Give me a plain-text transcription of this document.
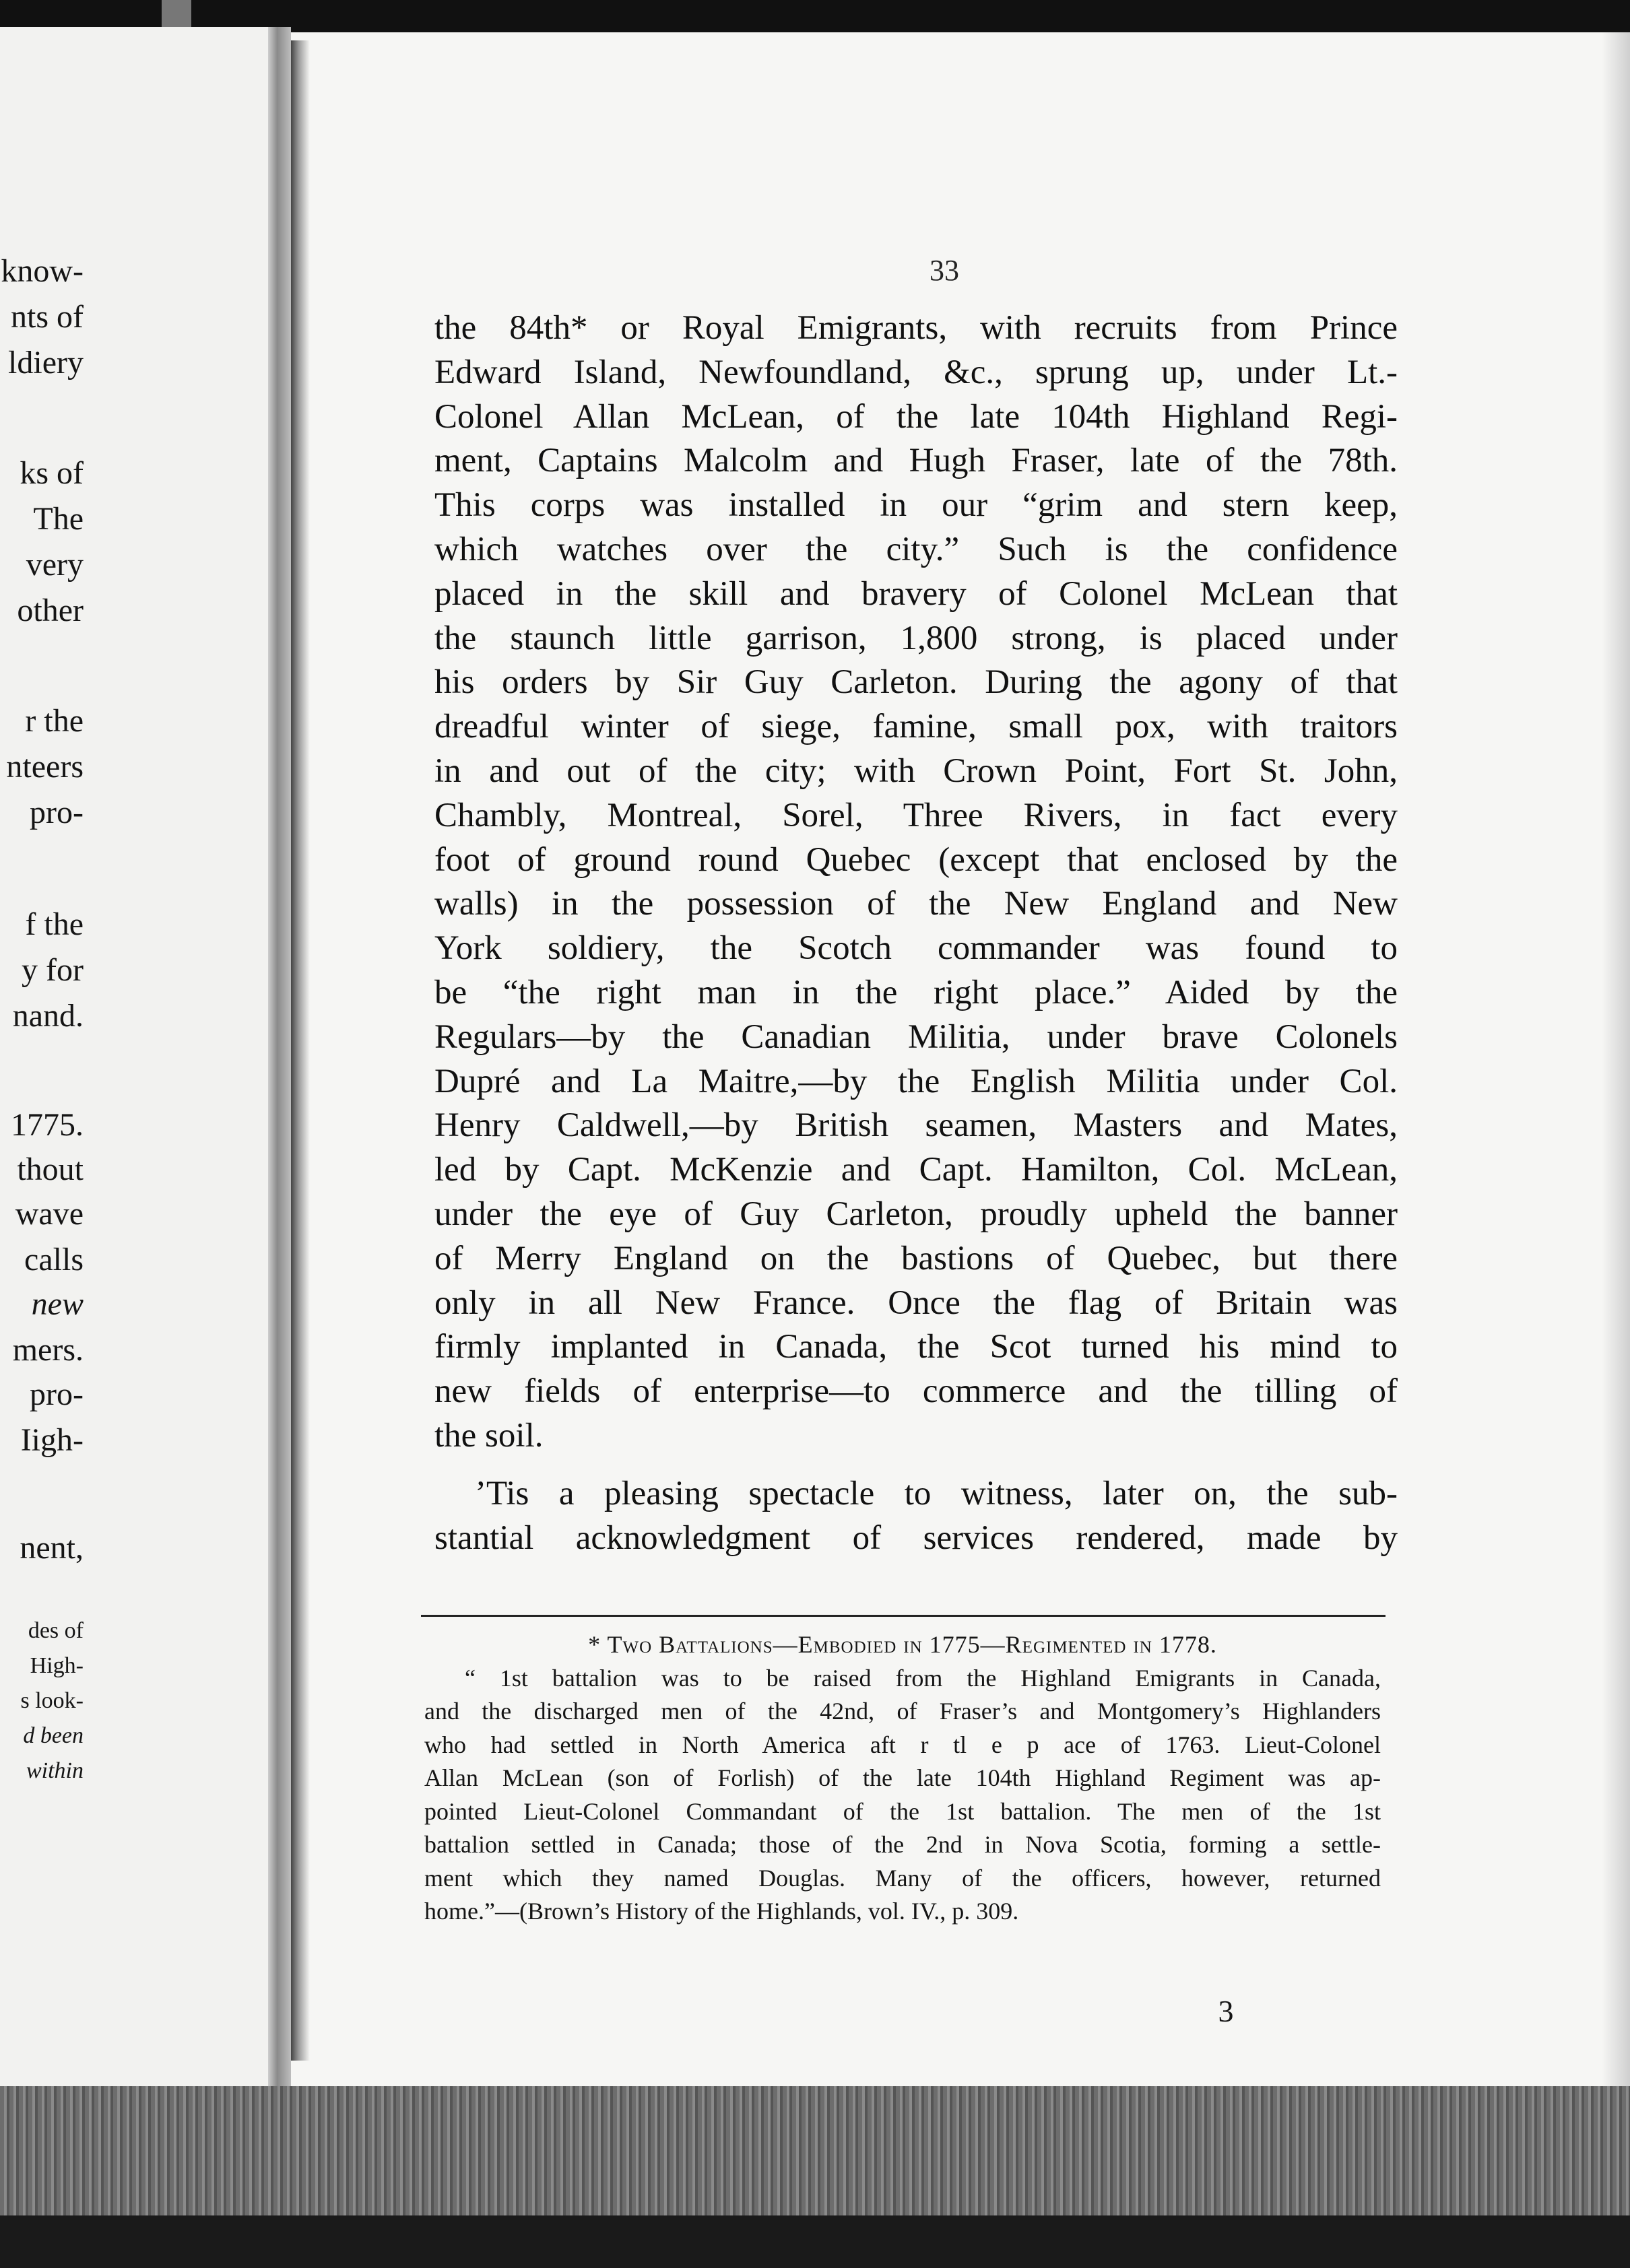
know-
nts of
ldiery
ks of
The
very
other
r the
nteers
pro-
f the
y for
nand.
1775.
thout
wave
calls
new
mers.
pro-
Iigh-
nent,
des of
High-
s look-
d been
within
33

the 84th* or Royal Emigrants, with recruits from Prince
Edward Island, Newfoundland, &c., sprung up, under Lt.-
Colonel Allan McLean, of the late 104th Highland Regi-
ment, Captains Malcolm and Hugh Fraser, late of the 78th.
This corps was installed in our “grim and stern keep,
which watches over the city.” Such is the confidence
placed in the skill and bravery of Colonel McLean that
the staunch little garrison, 1,800 strong, is placed under
his orders by Sir Guy Carleton. During the agony of that
dreadful winter of siege, famine, small pox, with traitors
in and out of the city; with Crown Point, Fort St. John,
Chambly, Montreal, Sorel, Three Rivers, in fact every
foot of ground round Quebec (except that enclosed by the
walls) in the possession of the New England and New
York soldiery, the Scotch commander was found to
be “the right man in the right place.” Aided by the
Regulars—by the Canadian Militia, under brave Colonels
Dupré and La Maitre,—by the English Militia under Col.
Henry Caldwell,—by British seamen, Masters and Mates,
led by Capt. McKenzie and Capt. Hamilton, Col. McLean,
under the eye of Guy Carleton, proudly upheld the banner
of Merry England on the bastions of Quebec, but there
only in all New France. Once the flag of Britain was
firmly implanted in Canada, the Scot turned his mind to
new fields of enterprise—to commerce and the tilling of
the soil.

’Tis a pleasing spectacle to witness, later on, the sub-
stantial acknowledgment of services rendered, made by

* Two Battalions—Embodied in 1775—Regimented in 1778.
“ 1st battalion was to be raised from the Highland Emigrants in Canada,
and the discharged men of the 42nd, of Fraser’s and Montgomery’s Highlanders
who had settled in North America aft r tl e p ace of 1763. Lieut-Colonel
Allan McLean (son of Forlish) of the late 104th Highland Regiment was ap-
pointed Lieut-Colonel Commandant of the 1st battalion. The men of the 1st
battalion settled in Canada; those of the 2nd in Nova Scotia, forming a settle-
ment which they named Douglas. Many of the officers, however, returned
home.”—(Brown’s History of the Highlands, vol. IV., p. 309.
3
